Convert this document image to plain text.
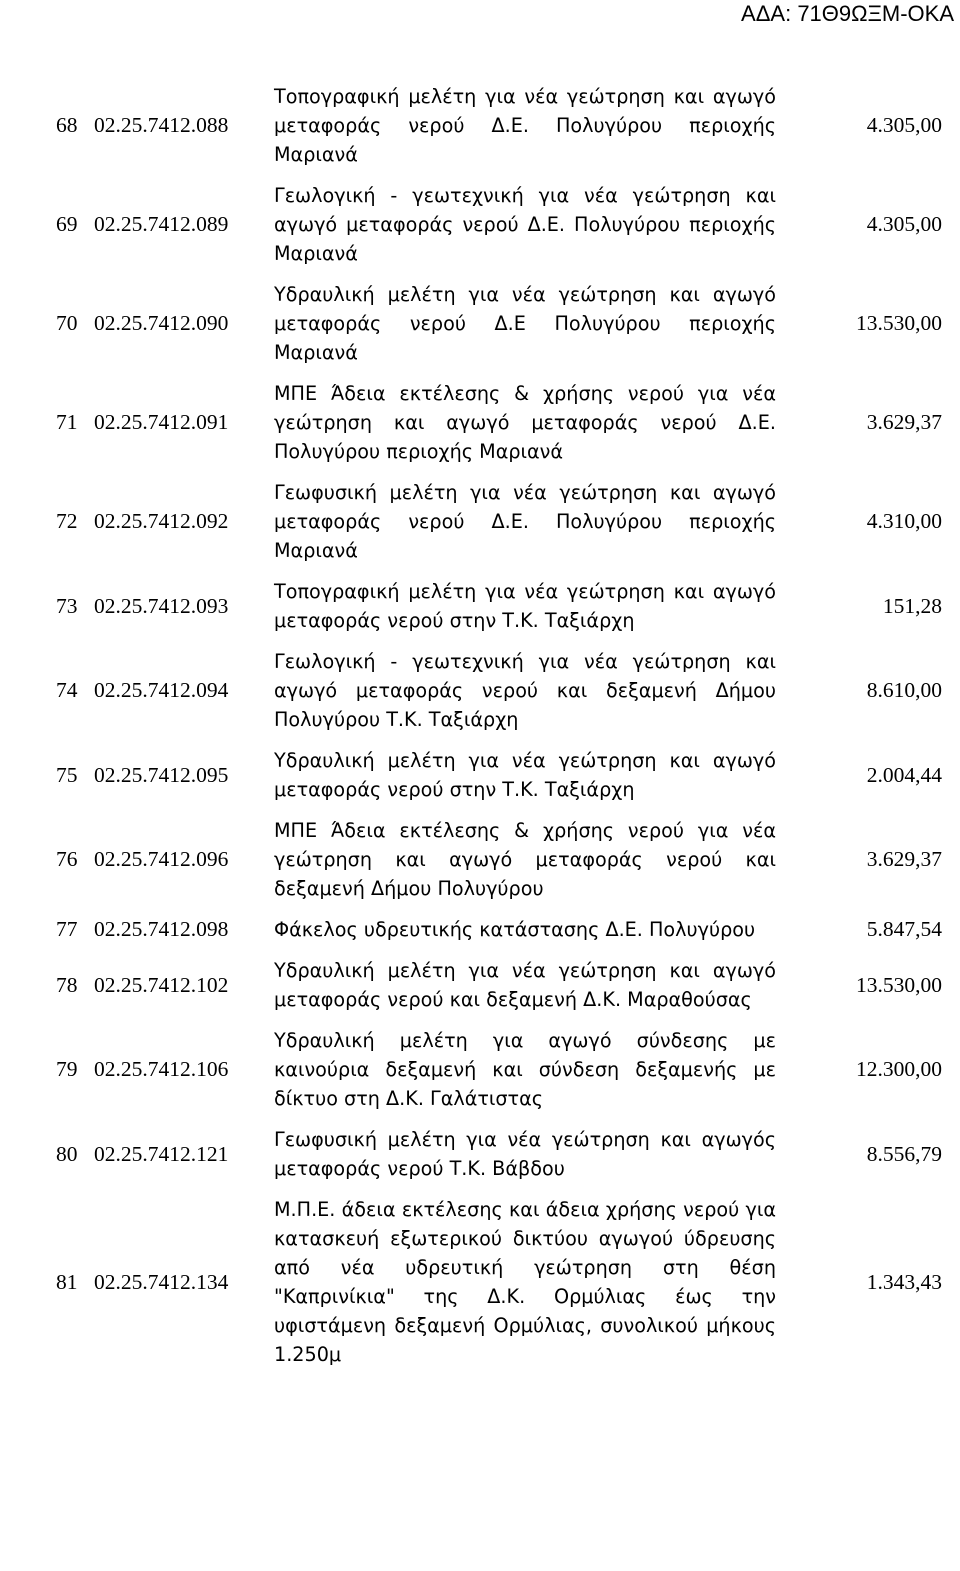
ΑΔΑ: 71Θ9ΩΞΜ-ΟΚΑ
68	02.25.7412.088	Τοπογραφική μελέτη για νέα γεώτρηση και αγωγό μεταφοράς νερού Δ.Ε. Πολυγύρου περιοχής Μαριανά	4.305,00
69	02.25.7412.089	Γεωλογική - γεωτεχνική για νέα γεώτρηση και αγωγό μεταφοράς νερού Δ.Ε. Πολυγύρου περιοχής Μαριανά	4.305,00
70	02.25.7412.090	Υδραυλική μελέτη για νέα γεώτρηση και αγωγό μεταφοράς νερού Δ.Ε Πολυγύρου περιοχής Μαριανά	13.530,00
71	02.25.7412.091	ΜΠΕ Άδεια εκτέλεσης & χρήσης νερού για νέα γεώτρηση και αγωγό μεταφοράς νερού Δ.Ε. Πολυγύρου περιοχής Μαριανά	3.629,37
72	02.25.7412.092	Γεωφυσική μελέτη για νέα γεώτρηση και αγωγό μεταφοράς νερού Δ.Ε. Πολυγύρου περιοχής Μαριανά	4.310,00
73	02.25.7412.093	Τοπογραφική μελέτη για νέα γεώτρηση και αγωγό μεταφοράς νερού στην Τ.Κ. Ταξιάρχη	151,28
74	02.25.7412.094	Γεωλογική - γεωτεχνική για νέα γεώτρηση και αγωγό μεταφοράς νερού και δεξαμενή Δήμου Πολυγύρου Τ.Κ. Ταξιάρχη	8.610,00
75	02.25.7412.095	Υδραυλική μελέτη για νέα γεώτρηση και αγωγό μεταφοράς νερού στην Τ.Κ. Ταξιάρχη	2.004,44
76	02.25.7412.096	ΜΠΕ Άδεια εκτέλεσης & χρήσης νερού για νέα γεώτρηση και αγωγό μεταφοράς νερού και δεξαμενή Δήμου Πολυγύρου	3.629,37
77	02.25.7412.098	Φάκελος υδρευτικής κατάστασης Δ.Ε. Πολυγύρου	5.847,54
78	02.25.7412.102	Υδραυλική μελέτη για νέα γεώτρηση και αγωγό μεταφοράς νερού και δεξαμενή Δ.Κ. Μαραθούσας	13.530,00
79	02.25.7412.106	Υδραυλική μελέτη για αγωγό σύνδεσης με καινούρια δεξαμενή και σύνδεση δεξαμενής με δίκτυο στη Δ.Κ. Γαλάτιστας	12.300,00
80	02.25.7412.121	Γεωφυσική μελέτη για νέα γεώτρηση και αγωγός μεταφοράς νερού Τ.Κ. Βάβδου	8.556,79
81	02.25.7412.134	Μ.Π.Ε. άδεια εκτέλεσης και άδεια χρήσης νερού για κατασκευή εξωτερικού δικτύου αγωγού ύδρευσης από νέα υδρευτική γεώτρηση στη θέση "Καπρινίκια" της Δ.Κ. Ορμύλιας έως την υφιστάμενη δεξαμενή Ορμύλιας, συνολικού μήκους 1.250μ	1.343,43
